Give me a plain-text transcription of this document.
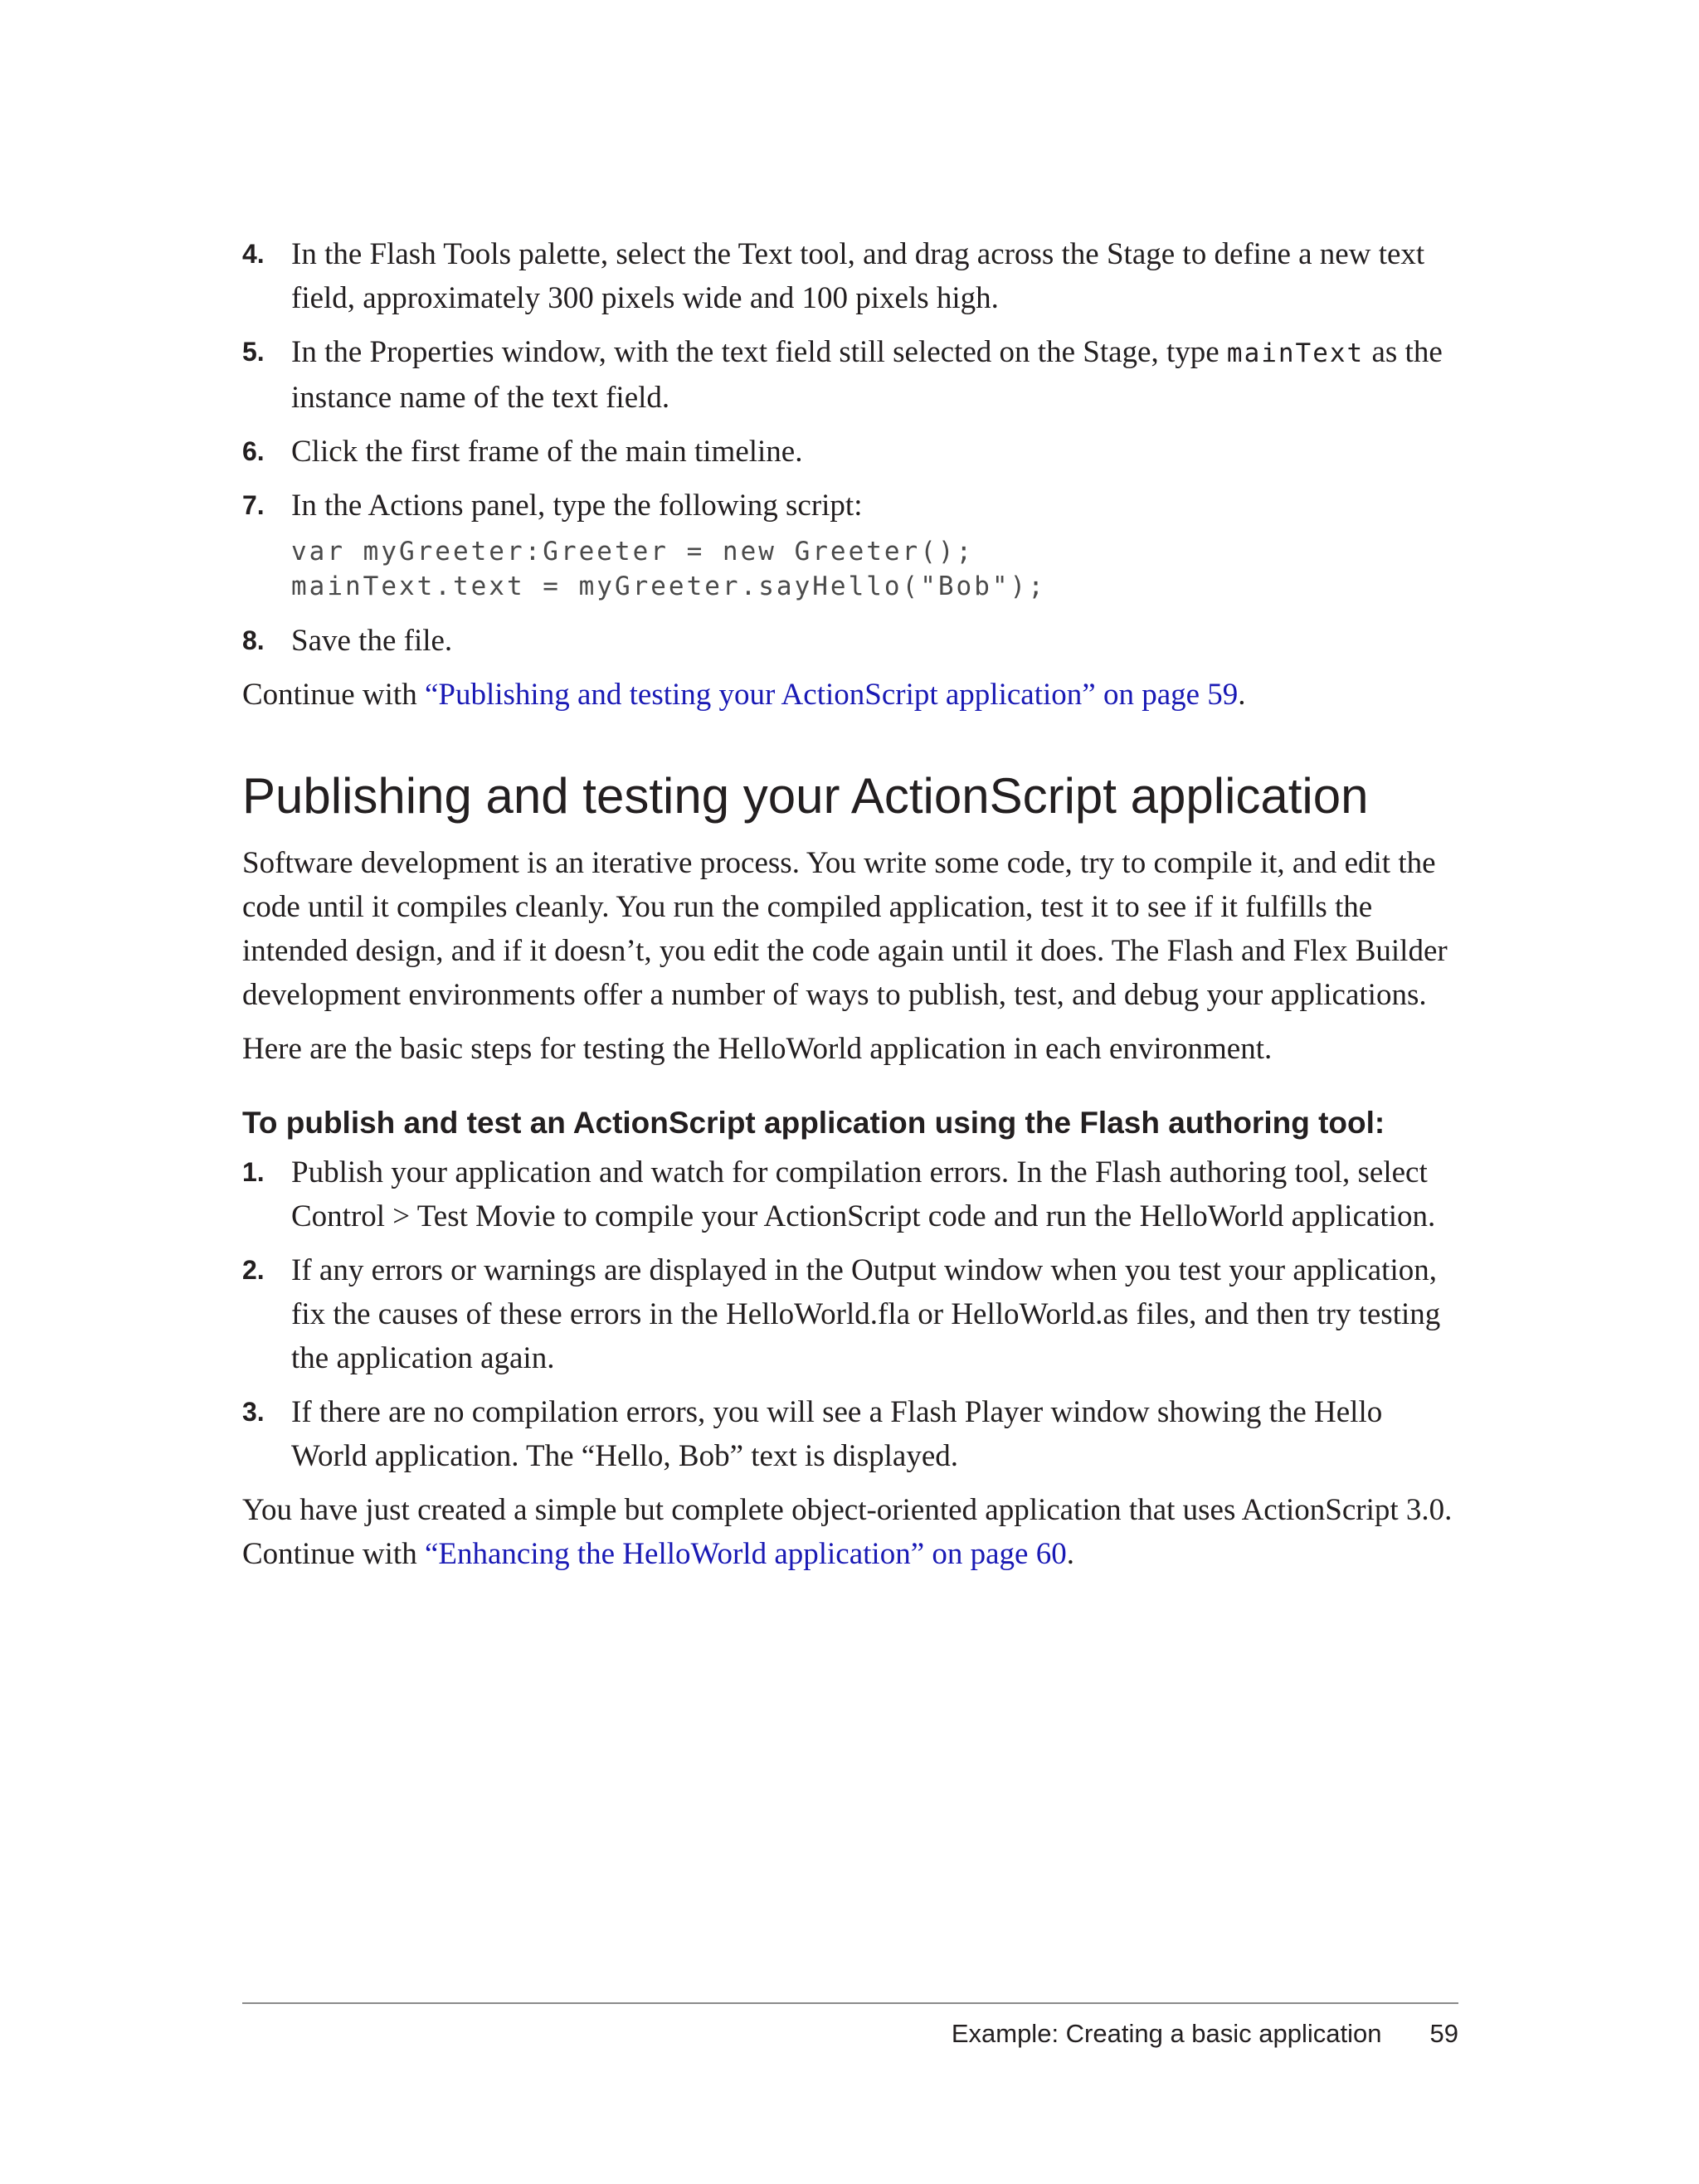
4. In the Flash Tools palette, select the Text tool, and drag across the Stage to define a new text field, approximately 300 pixels wide and 100 pixels high.
5. In the Properties window, with the text field still selected on the Stage, type mainText as the instance name of the text field.
6. Click the first frame of the main timeline.
7. In the Actions panel, type the following script:
var myGreeter:Greeter = new Greeter();
mainText.text = myGreeter.sayHello("Bob");
8. Save the file.

Continue with “Publishing and testing your ActionScript application” on page 59.

Publishing and testing your ActionScript application

Software development is an iterative process. You write some code, try to compile it, and edit the code until it compiles cleanly. You run the compiled application, test it to see if it fulfills the intended design, and if it doesn’t, you edit the code again until it does. The Flash and Flex Builder development environments offer a number of ways to publish, test, and debug your applications.

Here are the basic steps for testing the HelloWorld application in each environment.

To publish and test an ActionScript application using the Flash authoring tool:
1. Publish your application and watch for compilation errors. In the Flash authoring tool, select Control > Test Movie to compile your ActionScript code and run the HelloWorld application.
2. If any errors or warnings are displayed in the Output window when you test your application, fix the causes of these errors in the HelloWorld.fla or HelloWorld.as files, and then try testing the application again.
3. If there are no compilation errors, you will see a Flash Player window showing the Hello World application. The “Hello, Bob” text is displayed.

You have just created a simple but complete object-oriented application that uses ActionScript 3.0. Continue with “Enhancing the HelloWorld application” on page 60.

Example: Creating a basic application 59
